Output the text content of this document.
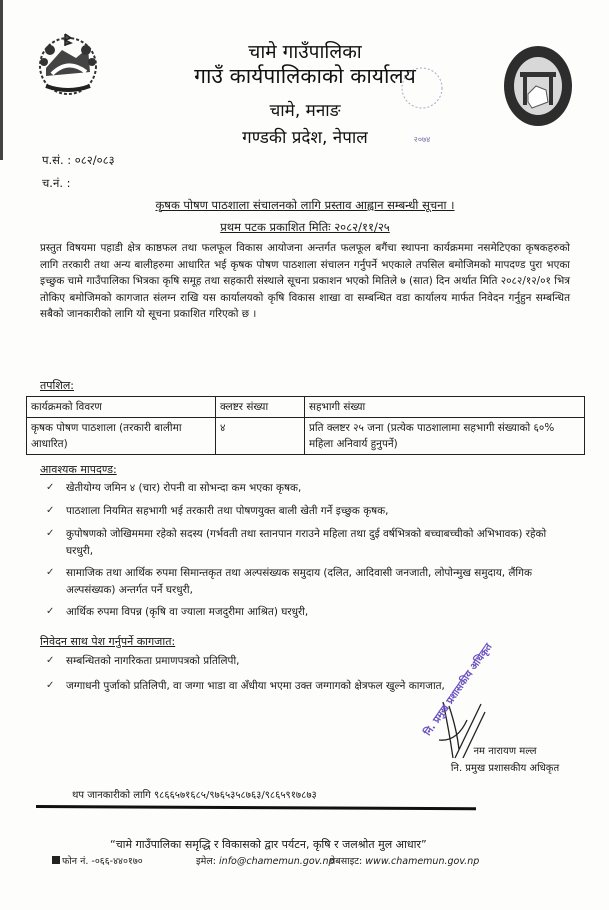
चामे गाउँपालिका
गाउँ कार्यपालिकाको कार्यालय
चामे, मनाङ
गण्डकी प्रदेश, नेपाल	२०७४
प.सं. : ०८२/०८३
च.नं. :
कृषक पोषण पाठशाला संचालनको लागि प्रस्ताव आह्वान सम्बन्धी सूचना ।
प्रथम पटक प्रकाशित मितिः २०८२/११/२५
प्रस्तुत विषयमा पहाडी क्षेत्र काष्ठफल तथा फलफूल विकास आयोजना अन्तर्गत फलफूल बगैंचा स्थापना कार्यक्रममा नसमेटिएका कृषकहरुको लागि तरकारी तथा अन्य बालीहरुमा आधारित भई कृषक पोषण पाठशाला संचालन गर्नुपर्ने भएकाले तपसिल बमोजिमको मापदण्ड पुरा भएका इच्छुक चामे गाउँपालिका भित्रका कृषि समूह तथा सहकारी संस्थाले सूचना प्रकाशन भएको मितिले ७ (सात) दिन अर्थात मिति २०८२/१२/०१ भित्र तोकिए बमोजिमको कागजात संलग्न राखि यस कार्यालयको कृषि विकास शाखा वा सम्बन्धित वडा कार्यालय मार्फत निवेदन गर्नुहुन सम्बन्धित सबैको जानकारीको लागि यो सूचना प्रकाशित गरिएको छ ।
तपशिल:
कार्यक्रमको विवरण	क्लष्टर संख्या	सहभागी संख्या
कृषक पोषण पाठशाला (तरकारी बालीमा आधारित)	४	प्रति क्लष्टर २५ जना (प्रत्येक पाठशालामा सहभागी संख्याको ६०% महिला अनिवार्य हुनुपर्ने)
आवश्यक मापदण्ड:
✓ खेतीयोग्य जमिन ४ (चार) रोपनी वा सोभन्दा कम भएका कृषक,
✓ पाठशाला नियमित सहभागी भई तरकारी तथा पोषणयुक्त बाली खेती गर्ने इच्छुक कृषक,
✓ कुपोषणको जोखिमममा रहेको सदस्य (गर्भवती तथा स्तानपान गराउने महिला तथा दुई वर्षभित्रको बच्चाबच्चीको अभिभावक) रहेको घरधुरी,
✓ सामाजिक तथा आर्थिक रुपमा सिमान्तकृत तथा अल्पसंख्यक समुदाय (दलित, आदिवासी जनजाती, लोपोन्मुख समुदाय, लैंगिक अल्पसंख्यक) अन्तर्गत पर्ने घरधुरी,
✓ आर्थिक रुपमा विपन्न (कृषि वा ज्याला मजदुरीमा आश्रित) घरधुरी,
निवेदन साथ पेश गर्नुपर्ने कागजात:
✓ सम्बन्धितको नागरिकता प्रमाणपत्रको प्रतिलिपी,
✓ जग्गाधनी पुर्जाको प्रतिलिपी, वा जग्गा भाडा वा अँधीया भएमा उक्त जग्गागको क्षेत्रफल खुल्ने कागजात,
नम नारायण मल्ल
नि. प्रमुख प्रशासकीय अधिकृत
नि. प्रमुख प्रशासकीय अधिकृत
थप जानकारीको लागि ९८६६५७१६८५/९७६५३५८७६३/९८६५९१७८७३
“चामे गाउँपालिका समृद्धि र विकासको द्वार पर्यटन, कृषि र जलश्रोत मुल आधार”
फोन नं. -०६६-४४०१७०	इमेल: info@chamemun.gov.np
वेबसाइट: www.chamemun.gov.np
